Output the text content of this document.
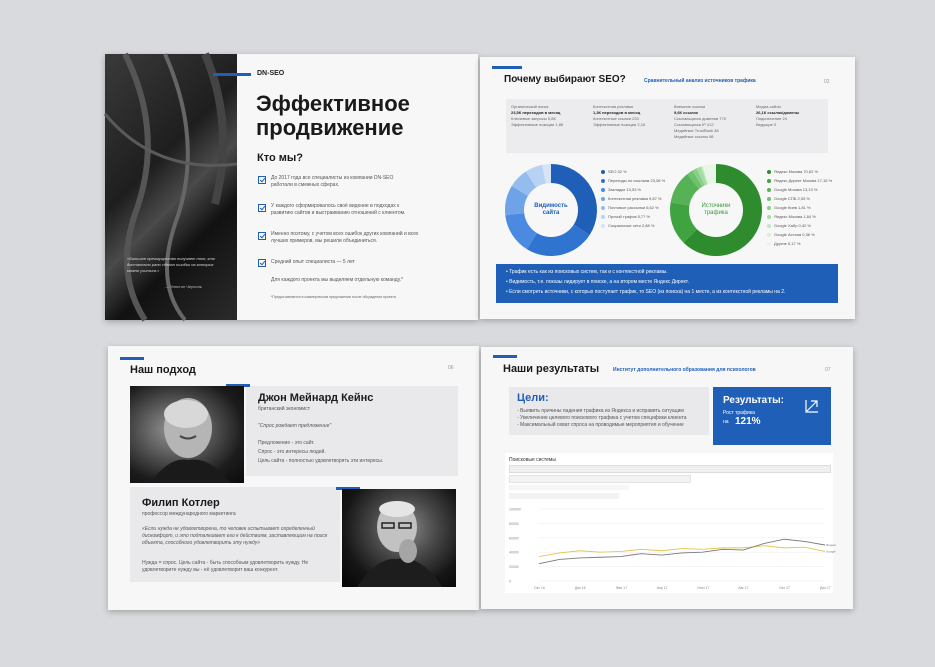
«Большое преимущество получает тот, кто достаточно рано сделал ошибки на которых можно учиться.»
— Уинстон Черчиль
DN-SEO
Эффективное
продвижение
Кто мы?
До 2017 года все специалисты из компании DN-SEO работали в смежных сферах.
У каждого сформировалось своё видение в подходах к развитию сайтов и выстраиванию отношений с клиентом.
Именно поэтому, с учетом всех ошибок других компаний и всех лучших примеров, мы решили объединиться.
Средний опыт специалиста — 5 лет
Для каждого проекта мы выделяем отдельную команду.*
*Предоставляется в коммерческом предложении после обсуждения проекта
Почему выбирают SEO?	Сравнительный анализ источников трафика	02
Органический поиск
23,5К переходов в месяц
Ключевые запросы 5,8К
Эффективные позиции 1,8К
Контекстная реклама
1,3К переходов в месяц
Контекстные ссылки 220
Эффективные позиции 2,1К
Внешние ссылки
9,6К ссылок
Ссылающихся доменов 770
Ссылающихся IP 412
Медийные TrustRank 38
Медийные ссылок 98
Медиа-сайты
26,1К ссылок/домены
Подключение 24
Ведущие 0
Видимость
сайта
SEO 32 %
Переходы по ссылкам 23,08 %
Закладки 13,53 %
Контекстная реклама 9,87 %
Почтовые рассылки 6,62 %
Прочий трафик 5,77 %
Социальные сети 2,88 %
Источники
трафика
Яндекс Москва 70,62 %
Яндекс Директ Москва 17,15 %
Google Москва 13,13 %
Google СПБ 2,55 %
Google Киев 1,81 %
Яндекс Москва 1,84 %
Google Хабр 0,42 %
Google Астана 0,36 %
Другие 5,17 %
• Трафик есть как из поисковых систем, так и с контекстной рекламы.
• Видимость, т.е. показы лидирует в поиске, а на втором месте Яндекс Директ.
• Если смотреть источники, с которых поступает трафик, то SEO (из поиска) на 1 месте, а из контекстной рекламы на 2.
Наш подход	06
Джон Мейнард Кейнс
британский экономист
"Спрос рождает предложение"
Предложение - это сайт.
Спрос - это интересы людей.
Цель сайта - полностью удовлетворять эти интересы.
Филип Котлер
профессор международного маркетинга
«Если нужда не удовлетворена, то человек испытывает определенный дискомфорт, и это подталкивает его к действиям, заставляющим на поиск объекта, способного удовлетворить эту нужду»
Нужда = спрос. Цель сайта - быть способным удовлетворить нужду. Не удовлетворите нужду вы - её удовлетворит ваш конкурент.
Наши результаты	Институт дополнительного образования для психологов	07
Цели:
- Выявить причины падения трафика из Яндекса и исправить ситуацию
- Увеличение целевого поискового трафика с учетом специфики клиента
- Максимальный охват спроса на проводимые мероприятия и обучение
Результаты:
Рост трафика
на 121%
Поисковые системы
100000
80000
60000
40000
20000
0
Окт 16	Дек 16	Фев 17	Апр 17	Июн 17	Авг 17	Окт 17	Дек 17
Google
Яндекс
